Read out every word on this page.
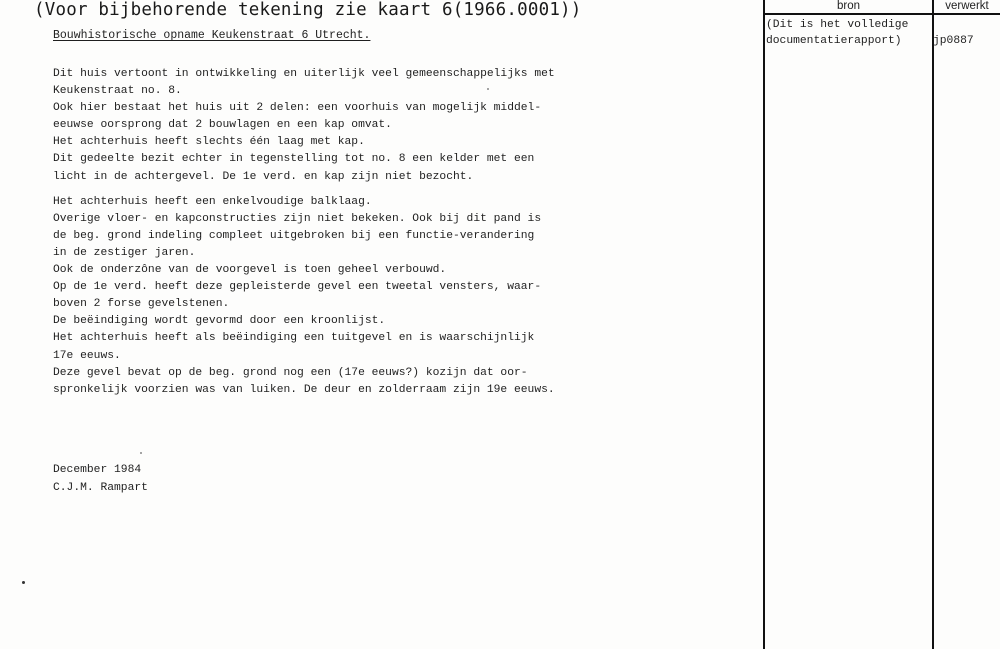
(Voor bijbehorende tekening zie kaart 6(1966.0001))
Bouwhistorische opname Keukenstraat 6 Utrecht.
Dit huis vertoont in ontwikkeling en uiterlijk veel gemeenschappelijks met
Keukenstraat no. 8.
Ook hier bestaat het huis uit 2 delen: een voorhuis van mogelijk middel-
eeuwse oorsprong dat 2 bouwlagen en een kap omvat.
Het achterhuis heeft slechts één laag met kap.
Dit gedeelte bezit echter in tegenstelling tot no. 8 een kelder met een
licht in de achtergevel. De 1e verd. en kap zijn niet bezocht.
Het achterhuis heeft een enkelvoudige balklaag.
Overige vloer- en kapconstructies zijn niet bekeken. Ook bij dit pand is
de beg. grond indeling compleet uitgebroken bij een functie-verandering
in de zestiger jaren.
Ook de onderzône van de voorgevel is toen geheel verbouwd.
Op de 1e verd. heeft deze gepleisterde gevel een tweetal vensters, waar-
boven 2 forse gevelstenen.
De beëindiging wordt gevormd door een kroonlijst.
Het achterhuis heeft als beëindiging een tuitgevel en is waarschijnlijk
17e eeuws.
Deze gevel bevat op de beg. grond nog een (17e eeuws?) kozijn dat oor-
spronkelijk voorzien was van luiken. De deur en zolderraam zijn 19e eeuws.
December 1984
C.J.M. Rampart
bron	verwerkt
(Dit is het volledige
documentatierapport)	jp0887
